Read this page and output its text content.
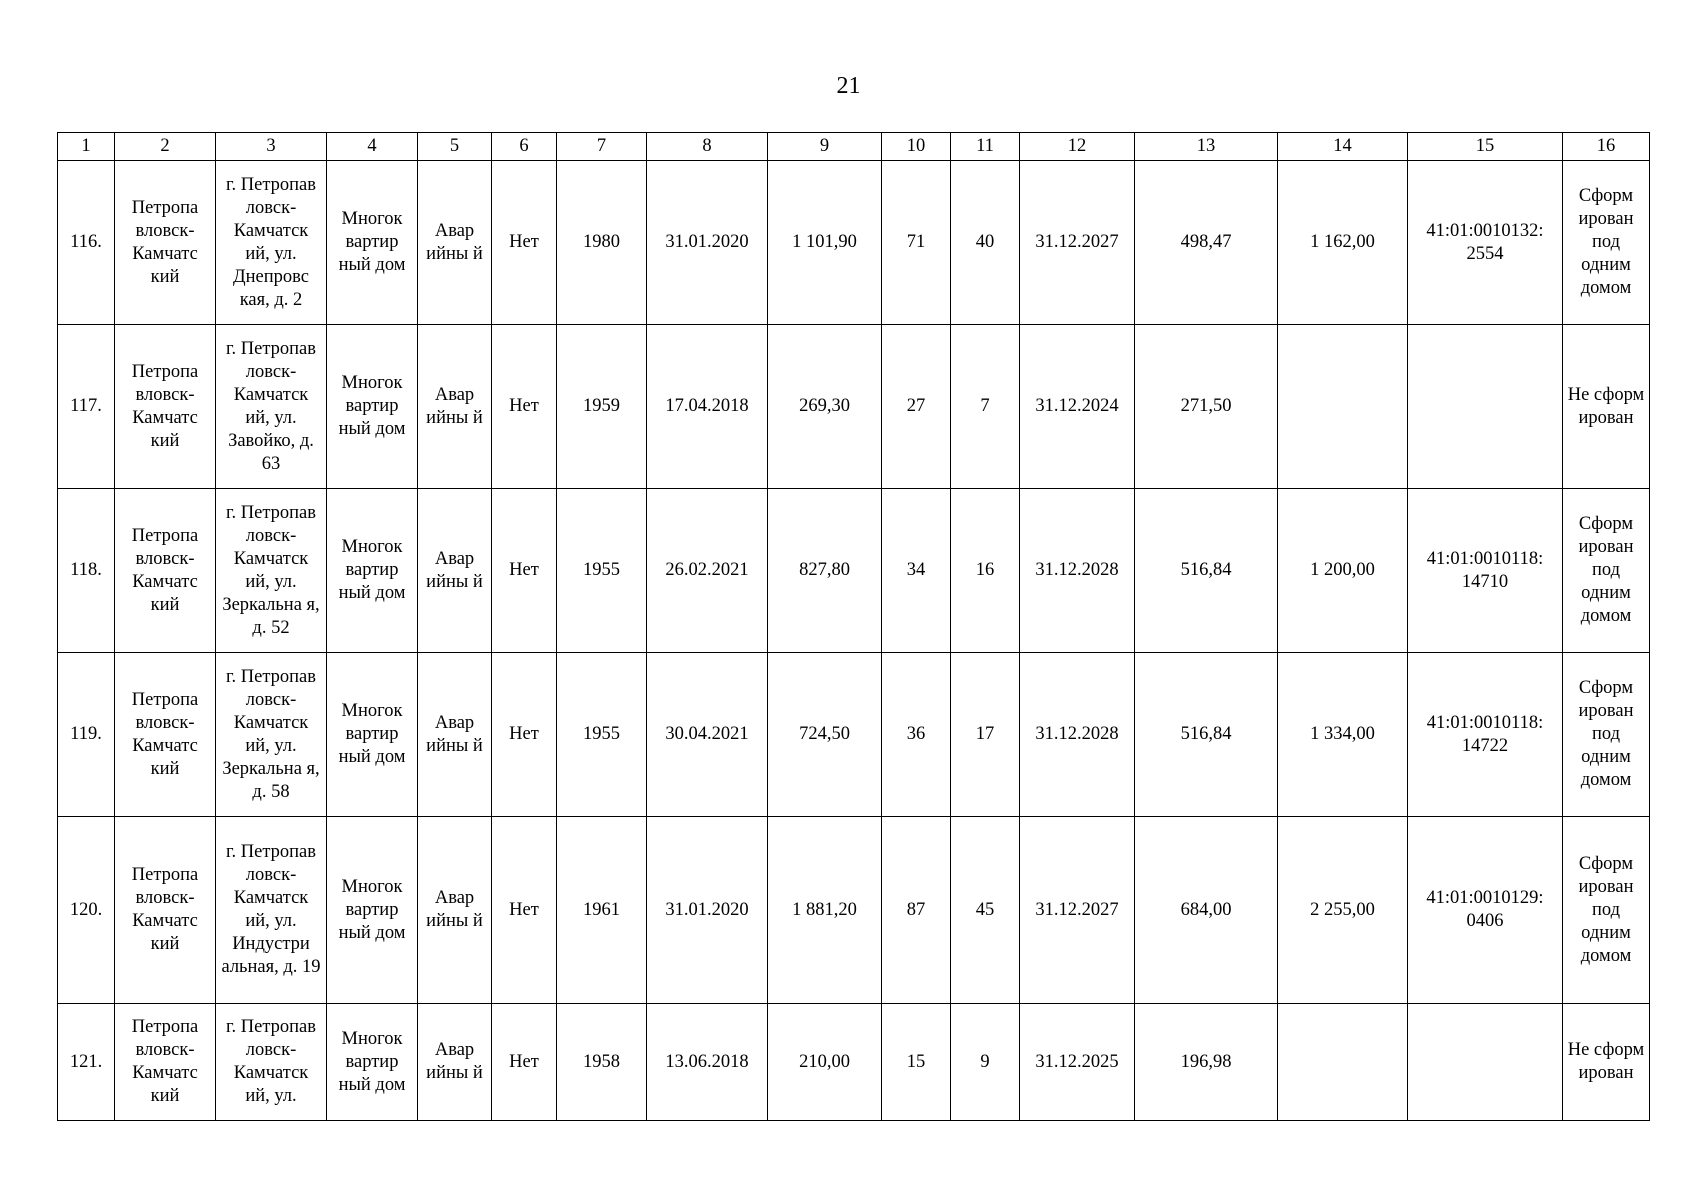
21
1	2	3	4	5	6	7	8	9	10	11	12	13	14	15	16
116.	Петропа вловск-Камчатс кий	г. Петропав ловск-Камчатск ий, ул. Днепровс кая, д. 2	Многок вартир ный дом	Авар ийны й	Нет	1980	31.01.2020	1 101,90	71	40	31.12.2027	498,47	1 162,00	41:01:0010132: 2554	Сформ ирован под одним домом
117.	Петропа вловск-Камчатс кий	г. Петропав ловск-Камчатск ий, ул. Завойко, д. 63	Многок вартир ный дом	Авар ийны й	Нет	1959	17.04.2018	269,30	27	7	31.12.2024	271,50			Не сформ ирован
118.	Петропа вловск-Камчатс кий	г. Петропав ловск-Камчатск ий, ул. Зеркальна я, д. 52	Многок вартир ный дом	Авар ийны й	Нет	1955	26.02.2021	827,80	34	16	31.12.2028	516,84	1 200,00	41:01:0010118: 14710	Сформ ирован под одним домом
119.	Петропа вловск-Камчатс кий	г. Петропав ловск-Камчатск ий, ул. Зеркальна я, д. 58	Многок вартир ный дом	Авар ийны й	Нет	1955	30.04.2021	724,50	36	17	31.12.2028	516,84	1 334,00	41:01:0010118: 14722	Сформ ирован под одним домом
120.	Петропа вловск-Камчатс кий	г. Петропав ловск-Камчатск ий, ул. Индустри альная, д. 19	Многок вартир ный дом	Авар ийны й	Нет	1961	31.01.2020	1 881,20	87	45	31.12.2027	684,00	2 255,00	41:01:0010129: 0406	Сформ ирован под одним домом
121.	Петропа вловск-Камчатс кий	г. Петропав ловск-Камчатск ий, ул.	Многок вартир ный дом	Авар ийны й	Нет	1958	13.06.2018	210,00	15	9	31.12.2025	196,98			Не сформ ирован
